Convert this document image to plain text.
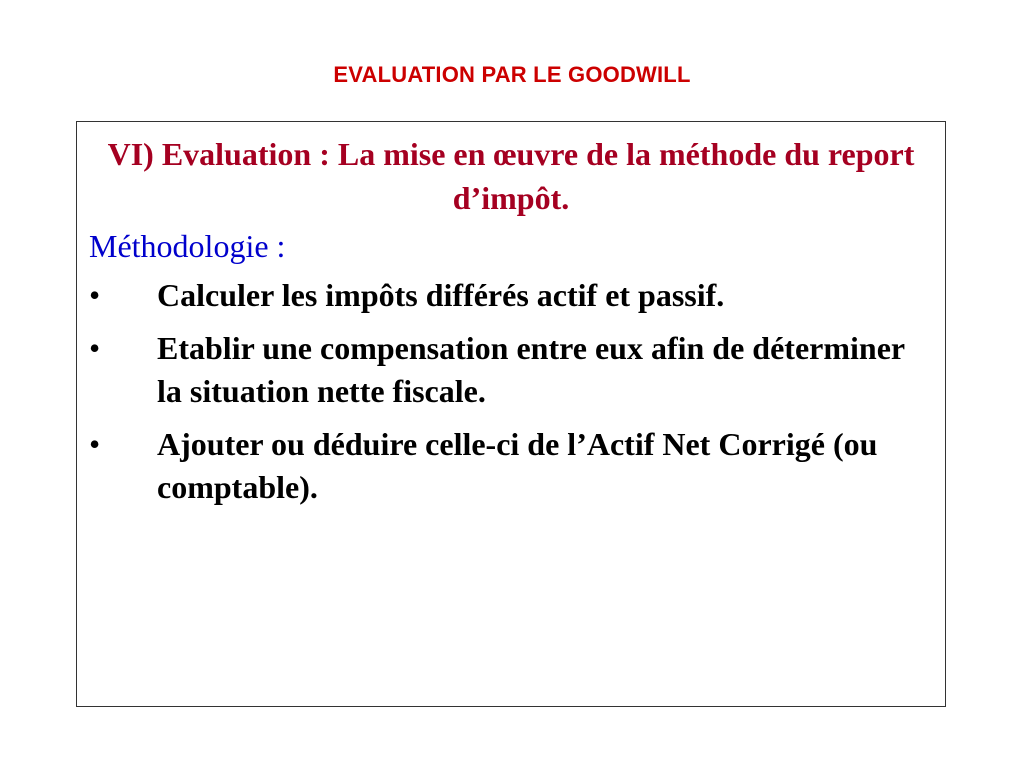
EVALUATION PAR LE GOODWILL
VI) Evaluation : La mise en œuvre de la méthode du report d’impôt.
Méthodologie :
• Calculer les impôts différés actif et passif.
• Etablir une compensation entre eux afin de déterminer la situation nette fiscale.
• Ajouter ou déduire celle-ci de l’Actif Net Corrigé (ou comptable).
